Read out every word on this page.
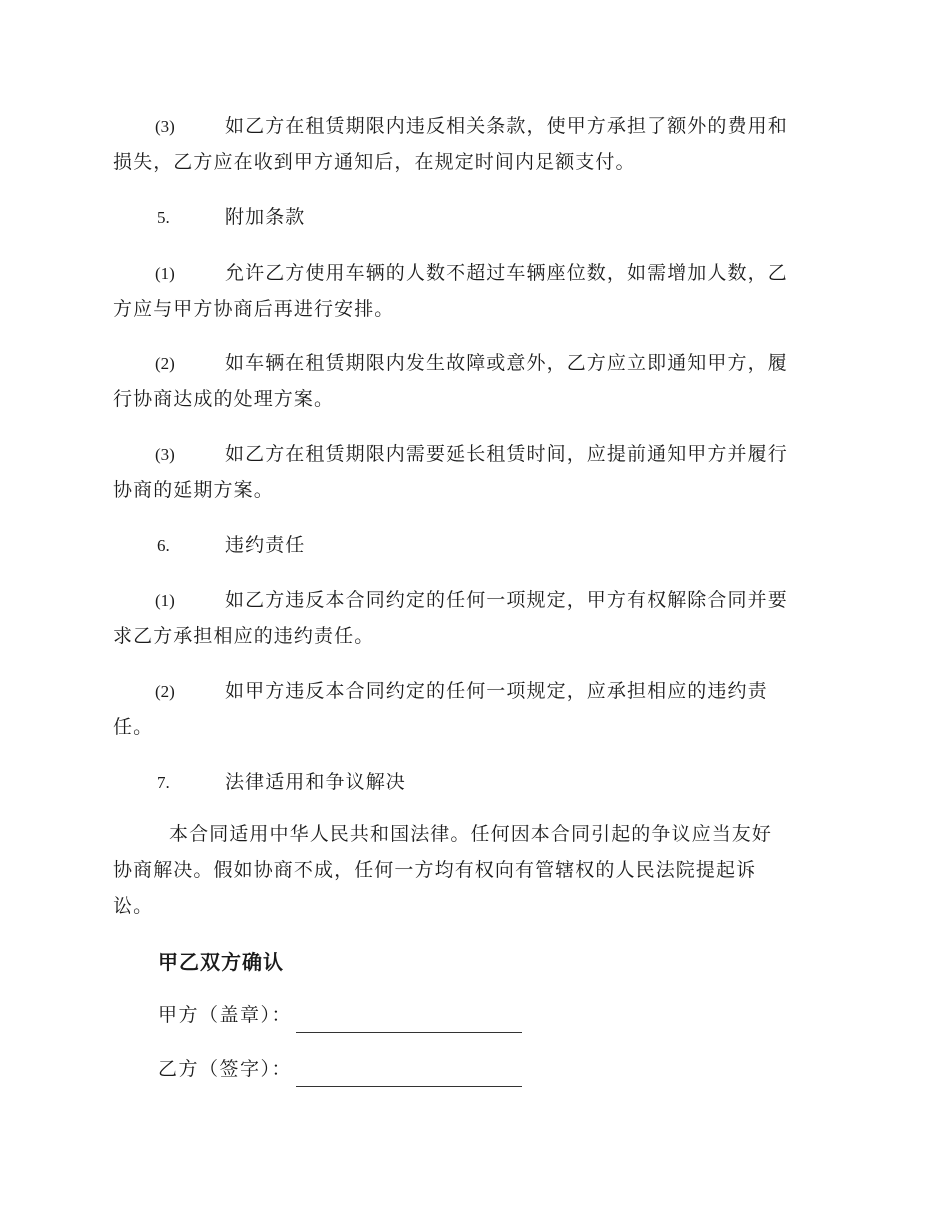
(3)	如乙方在租赁期限内违反相关条款，使甲方承担了额外的费用和
损失，乙方应在收到甲方通知后，在规定时间内足额支付。
5.	附加条款
(1)	允许乙方使用车辆的人数不超过车辆座位数，如需增加人数，乙
方应与甲方协商后再进行安排。
(2)	如车辆在租赁期限内发生故障或意外，乙方应立即通知甲方，履
行协商达成的处理方案。
(3)	如乙方在租赁期限内需要延长租赁时间，应提前通知甲方并履行
协商的延期方案。
6.	违约责任
(1)	如乙方违反本合同约定的任何一项规定，甲方有权解除合同并要
求乙方承担相应的违约责任。
(2)	如甲方违反本合同约定的任何一项规定，应承担相应的违约责
任。
7.	法律适用和争议解决
本合同适用中华人民共和国法律。任何因本合同引起的争议应当友好
协商解决。假如协商不成，任何一方均有权向有管辖权的人民法院提起诉
讼。
甲乙双方确认
甲方（盖章）：
乙方（签字）：
